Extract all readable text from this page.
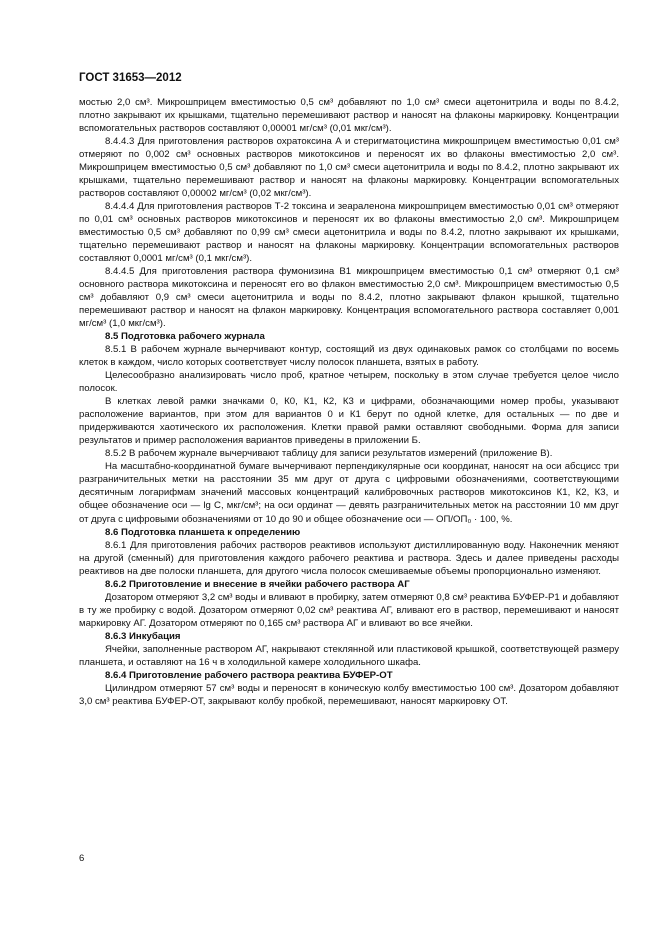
ГОСТ 31653—2012

мостью 2,0 см³. Микрошприцем вместимостью 0,5 см³ добавляют по 1,0 см³ смеси ацетонитрила и воды по 8.4.2, плотно закрывают их крышками, тщательно перемешивают раствор и наносят на флаконы маркировку. Концентрации вспомогательных растворов составляют 0,00001 мг/см³ (0,01 мкг/см³).

8.4.4.3 Для приготовления растворов охратоксина А и стеригматоцистина микрошприцем вместимостью 0,01 см³ отмеряют по 0,002 см³ основных растворов микотоксинов и переносят их во флаконы вместимостью 2,0 см³. Микрошприцем вместимостью 0,5 см³ добавляют по 1,0 см³ смеси ацетонитрила и воды по 8.4.2, плотно закрывают их крышками, тщательно перемешивают раствор и наносят на флаконы маркировку. Концентрации вспомогательных растворов составляют 0,00002 мг/см³ (0,02 мкг/см³).

8.4.4.4 Для приготовления растворов Т-2 токсина и зеараленона микрошприцем вместимостью 0,01 см³ отмеряют по 0,01 см³ основных растворов микотоксинов и переносят их во флаконы вместимостью 2,0 см³. Микрошприцем вместимостью 0,5 см³ добавляют по 0,99 см³ смеси ацетонитрила и воды по 8.4.2, плотно закрывают их крышками, тщательно перемешивают раствор и наносят на флаконы маркировку. Концентрации вспомогательных растворов составляют 0,0001 мг/см³ (0,1 мкг/см³).

8.4.4.5 Для приготовления раствора фумонизина В1 микрошприцем вместимостью 0,1 см³ отмеряют 0,1 см³ основного раствора микотоксина и переносят его во флакон вместимостью 2,0 см³. Микрошприцем вместимостью 0,5 см³ добавляют 0,9 см³ смеси ацетонитрила и воды по 8.4.2, плотно закрывают флакон крышкой, тщательно перемешивают раствор и наносят на флакон маркировку. Концентрация вспомогательного раствора составляет 0,001 мг/см³ (1,0 мкг/см³).

8.5 Подготовка рабочего журнала

8.5.1 В рабочем журнале вычерчивают контур, состоящий из двух одинаковых рамок со столбцами по восемь клеток в каждом, число которых соответствует числу полосок планшета, взятых в работу.

Целесообразно анализировать число проб, кратное четырем, поскольку в этом случае требуется целое число полосок.

В клетках левой рамки значками 0, К0, К1, К2, К3 и цифрами, обозначающими номер пробы, указывают расположение вариантов, при этом для вариантов 0 и К1 берут по одной клетке, для остальных — по две и придерживаются хаотического их расположения. Клетки правой рамки оставляют свободными. Форма для записи результатов и пример расположения вариантов приведены в приложении Б.

8.5.2 В рабочем журнале вычерчивают таблицу для записи результатов измерений (приложение В).

На масштабно-координатной бумаге вычерчивают перпендикулярные оси координат, наносят на оси абсцисс три разграничительных метки на расстоянии 35 мм друг от друга с цифровыми обозначениями, соответствующими десятичным логарифмам значений массовых концентраций калибровочных растворов микотоксинов К1, К2, К3, и общее обозначение оси — lg C, мкг/см³; на оси ординат — девять разграничительных меток на расстоянии 10 мм друг от друга с цифровыми обозначениями от 10 до 90 и общее обозначение оси — ОП/ОП₀ · 100, %.

8.6 Подготовка планшета к определению

8.6.1 Для приготовления рабочих растворов реактивов используют дистиллированную воду. Наконечник меняют на другой (сменный) для приготовления каждого рабочего реактива и раствора. Здесь и далее приведены расходы реактивов на две полоски планшета, для другого числа полосок смешиваемые объемы пропорционально изменяют.

8.6.2 Приготовление и внесение в ячейки рабочего раствора АГ

Дозатором отмеряют 3,2 см³ воды и вливают в пробирку, затем отмеряют 0,8 см³ реактива БУФЕР-Р1 и добавляют в ту же пробирку с водой. Дозатором отмеряют 0,02 см³ реактива АГ, вливают его в раствор, перемешивают и наносят маркировку АГ. Дозатором отмеряют по 0,165 см³ раствора АГ и вливают во все ячейки.

8.6.3 Инкубация

Ячейки, заполненные раствором АГ, накрывают стеклянной или пластиковой крышкой, соответствующей размеру планшета, и оставляют на 16 ч в холодильной камере холодильного шкафа.

8.6.4 Приготовление рабочего раствора реактива БУФЕР-ОТ

Цилиндром отмеряют 57 см³ воды и переносят в коническую колбу вместимостью 100 см³. Дозатором добавляют 3,0 см³ реактива БУФЕР-ОТ, закрывают колбу пробкой, перемешивают, наносят маркировку ОТ.

6
